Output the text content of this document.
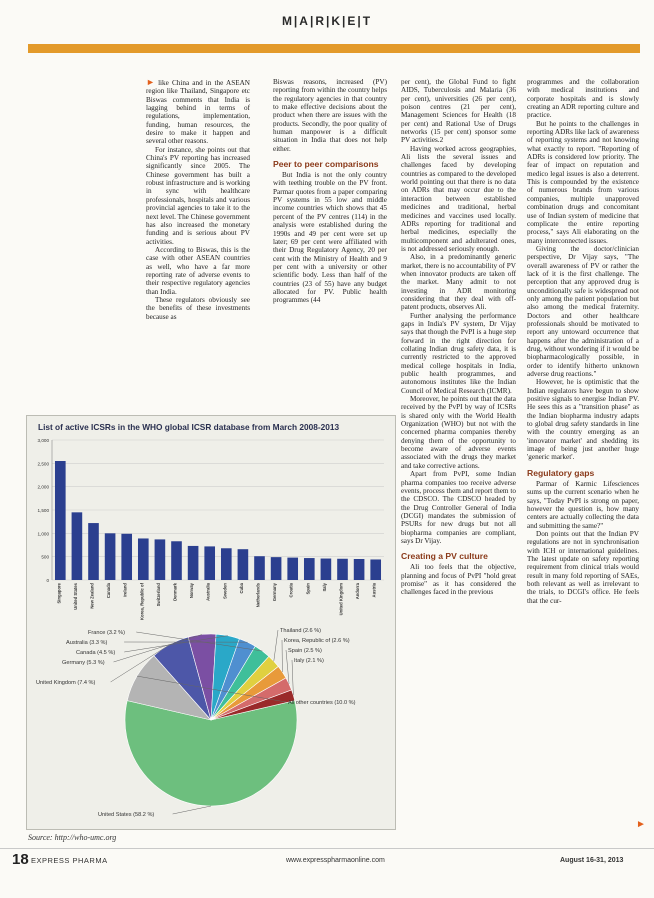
M|A|R|K|E|T

► like China and in the ASEAN region like Thailand, Singapore etc Biswas comments that India is lagging behind in terms of regulations, implementation, funding, human resources, the desire to make it happen and several other reasons.

For instance, she points out that China's PV reporting has increased significantly since 2005. The Chinese government has built a robust infrastructure and is working in sync with healthcare professionals, hospitals and various provincial agencies to take it to the next level. The Chinese government has also increased the monetary funding and is serious about PV activities.

According to Biswas, this is the case with other ASEAN countries as well, who have a far more reporting rate of adverse events to their respective regulatory agencies than India.

These regulators obviously see the benefits of these investments because as

Biswas reasons, increased (PV) reporting from within the country helps the regulatory agencies in that country to make effective decisions about the product when there are issues with the products. Secondly, the poor quality of human manpower is a difficult situation in India that does not help either.

Peer to peer comparisons

But India is not the only country with teething trouble on the PV front. Parmar quotes from a paper comparing PV systems in 55 low and middle income countries which shows that 45 percent of the PV centres (114) in the analysis were established during the 1990s and 49 per cent were set up later; 69 per cent were affiliated with their Drug Regulatory Agency, 20 per cent with the Ministry of Health and 9 per cent with a university or other scientific body. Less than half of the countries (23 of 55) have any budget allocated for PV. Public health programmes (44

per cent), the Global Fund to fight AIDS, Tuberculosis and Malaria (36 per cent), universities (26 per cent), poison centres (21 per cent), Management Sciences for Health (18 per cent) and Rational Use of Drugs networks (15 per cent) sponsor some PV activities.2

Having worked across geographies, Ali lists the several issues and challenges faced by developing countries as compared to the developed world pointing out that there is no data on ADRs that may occur due to the interaction between established medicines and traditional, herbal medicines and vaccines used locally. ADRs reporting for traditional and herbal medicines, especially the multicomponent and adulterated ones, is not addressed seriously enough.

Also, in a predominantly generic market, there is no accountability of PV when innovator products are taken off the market. Many admit to not investing in ADR monitoring considering that they deal with off-patent products, observes Ali.

Further analysing the performance gaps in India's PV system, Dr Vijay says that though the PvPI is a huge step forward in the right direction for collating Indian drug safety data, it is currently restricted to the approved medical college hospitals in India, public health programmes, and autonomous institutes like the Indian Council of Medical Research (ICMR).

Moreover, he points out that the data received by the PvPI by way of ICSRs is shared only with the World Health Organization (WHO) but not with the concerned pharma companies thereby denying them of the opportunity to become aware of adverse events associated with the drugs they market and take corrective actions.

Apart from PvPI, some Indian pharma companies too receive adverse events, process them and report them to the CDSCO. The CDSCO headed by the Drug Controller General of India (DCGI) mandates the submission of PSURs for new drugs but not all biopharma companies are compliant, says Dr Vijay.

Creating a PV culture

Ali too feels that the objective, planning and focus of PvPI "hold great promise" as it has considered the challenges faced in the previous

programmes and the collaboration with medical institutions and corporate hospitals and is slowly creating an ADR reporting culture and practice.

But he points to the challenges in reporting ADRs like lack of awareness of reporting systems and not knowing what exactly to report. "Reporting of ADRs is considered low priority. The fear of impact on reputation and medico legal issues is also a deterrent. This is compounded by the existence of numerous brands from various companies, multiple unapproved combination drugs and concomitant use of Indian system of medicine that complicate the entire reporting process," says Ali elaborating on the many interconnected issues.

Giving the doctor/clinician perspective, Dr Vijay says, "The overall awareness of PV or rather the lack of it is the first challenge. The perception that any approved drug is unconditionally safe is widespread not only among the patient population but also among the medical fraternity. Doctors and other healthcare professionals should be motivated to report any untoward occurrence that happens after the administration of a drug, without wondering if it would be biopharmacologically possible, in order to identify hitherto unknown adverse drug reactions."

However, he is optimistic that the Indian regulators have begun to show positive signals to energise Indian PV. He sees this as a "transition phase" as the Indian biopharma industry adapts to global drug safety standards in line with the country emerging as an 'innovator market' and shedding its image of being just another huge 'generic market'.

Regulatory gaps

Parmar of Karmic Lifesciences sums up the current scenario when he says, "Today PvPI is strong on paper, however the question is, how many centers are actually collecting the data and submitting the same?"

Don points out that the Indian PV regulations are not in synchronisation with ICH or international guidelines. The latest update on safety reporting requirement from clinical trials would result in many fold reporting of SAEs, both relevant as well as irrelevant to the trials, to DCGI's office. He feels that the cur-

►
List of active ICSRs in the WHO global ICSR database from March 2008-2013
0
500
1,000
1,500
2,000
2,500
3,000
Singapore	United States	New Zealand	Canada	Ireland	Korea, Republic of	Switzerland	Denmark	Norway	Australia	Sweden	Cuba	Netherlands	Germany	Croatia	Spain	Italy	United Kingdom	Andorra	Austria
United States (58.2 %)
All other countries (10.0 %)
United Kingdom (7.4 %)
Germany (5.3 %)
Canada (4.5 %)
Australia (3.3 %)
France (3.2 %)	Thailand (2.6 %)
Korea, Republic of (2.6 %)
Spain (2.5 %)
Italy (2.1 %)
Source: http://who-umc.org
18 EXPRESS PHARMA	www.expresspharmaonline.com	August 16-31, 2013
